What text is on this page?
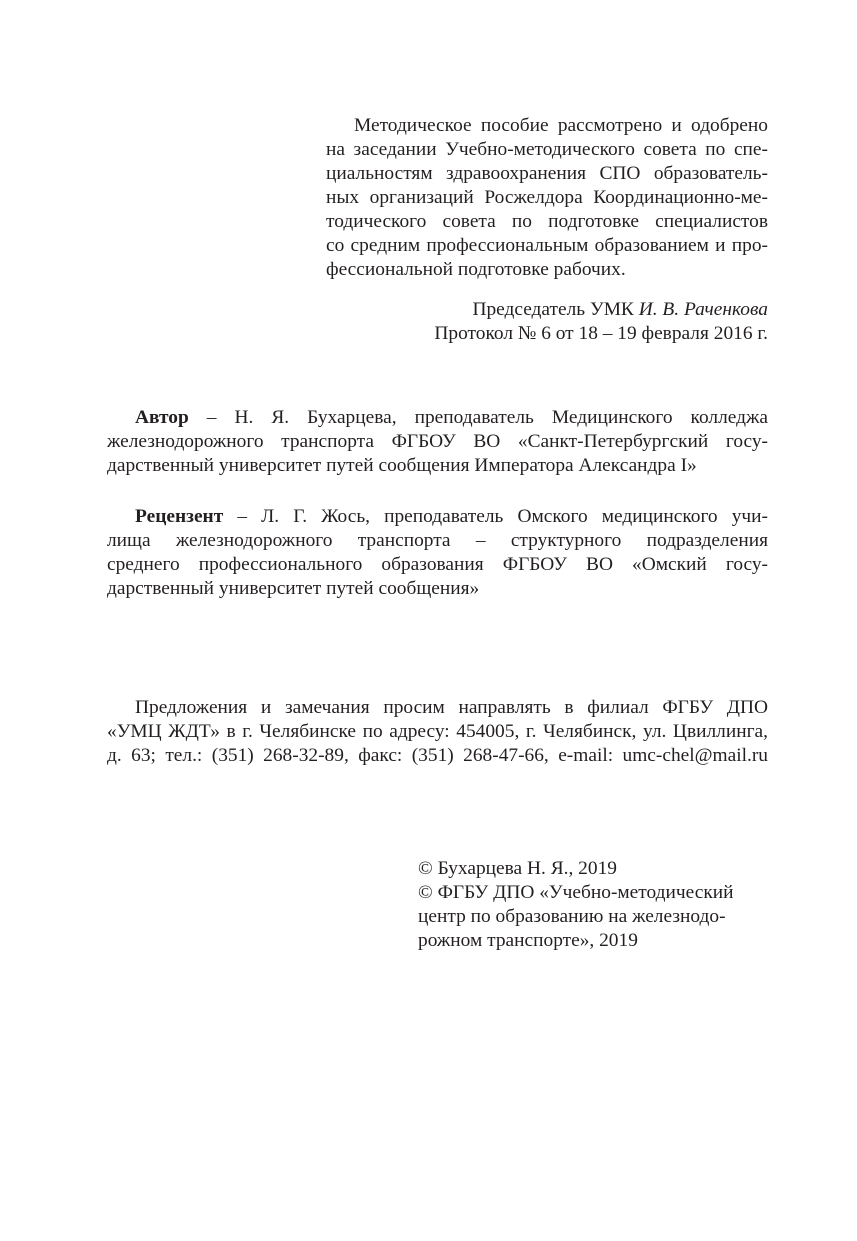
Методическое пособие рассмотрено и одобрено
на заседании Учебно-методического совета по спе-
циальностям здравоохранения СПО образователь-
ных организаций Росжелдора Координационно-ме-
тодического совета по подготовке специалистов
со средним профессиональным образованием и про-
фессиональной подготовке рабочих.
Председатель УМК И. В. Раченкова
Протокол № 6 от 18 – 19 февраля 2016 г.
Автор – Н. Я. Бухарцева, преподаватель Медицинского колледжа
железнодорожного транспорта ФГБОУ ВО «Санкт-Петербургский госу-
дарственный университет путей сообщения Императора Александра I»
Рецензент – Л. Г. Жось, преподаватель Омского медицинского учи-
лища железнодорожного транспорта – структурного подразделения
среднего профессионального образования ФГБОУ ВО «Омский госу-
дарственный университет путей сообщения»
Предложения и замечания просим направлять в филиал ФГБУ ДПО
«УМЦ ЖДТ» в г. Челябинске по адресу: 454005, г. Челябинск, ул. Цвиллинга,
д. 63; тел.: (351) 268-32-89, факс: (351) 268-47-66, e-mail: umc-chel@mail.ru
© Бухарцева Н. Я., 2019
© ФГБУ ДПО «Учебно-методический
центр по образованию на железнодо-
рожном транспорте», 2019
